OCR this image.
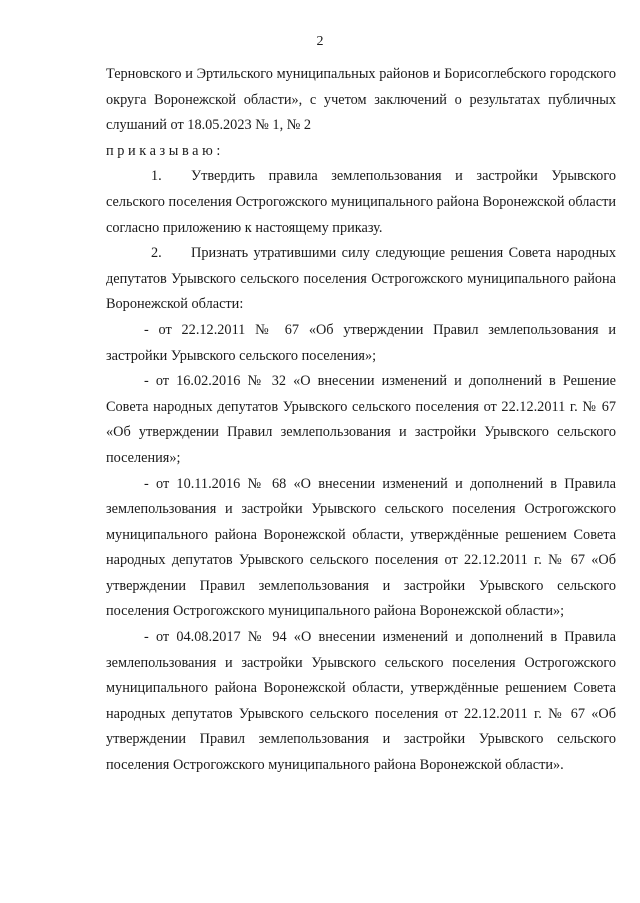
2

Терновского и Эртильского муниципальных районов и Борисоглебского городского округа Воронежской области», с учетом заключений о результатах публичных слушаний от 18.05.2023 № 1, № 2

приказываю:

1. Утвердить правила землепользования и застройки Урывского сельского поселения Острогожского муниципального района Воронежской области согласно приложению к настоящему приказу.

2. Признать утратившими силу следующие решения Совета народных депутатов Урывского сельского поселения Острогожского муниципального района Воронежской области:

- от 22.12.2011 № 67 «Об утверждении Правил землепользования и застройки Урывского сельского поселения»;

- от 16.02.2016 № 32 «О внесении изменений и дополнений в Решение Совета народных депутатов Урывского сельского поселения от 22.12.2011 г. № 67 «Об утверждении Правил землепользования и застройки Урывского сельского поселения»;

- от 10.11.2016 № 68 «О внесении изменений и дополнений в Правила землепользования и застройки Урывского сельского поселения Острогожского муниципального района Воронежской области, утверждённые решением Совета народных депутатов Урывского сельского поселения от 22.12.2011 г. № 67 «Об утверждении Правил землепользования и застройки Урывского сельского поселения Острогожского муниципального района Воронежской области»;

- от 04.08.2017 № 94 «О внесении изменений и дополнений в Правила землепользования и застройки Урывского сельского поселения Острогожского муниципального района Воронежской области, утверждённые решением Совета народных депутатов Урывского сельского поселения от 22.12.2011 г. № 67 «Об утверждении Правил землепользования и застройки Урывского сельского поселения Острогожского муниципального района Воронежской области».
